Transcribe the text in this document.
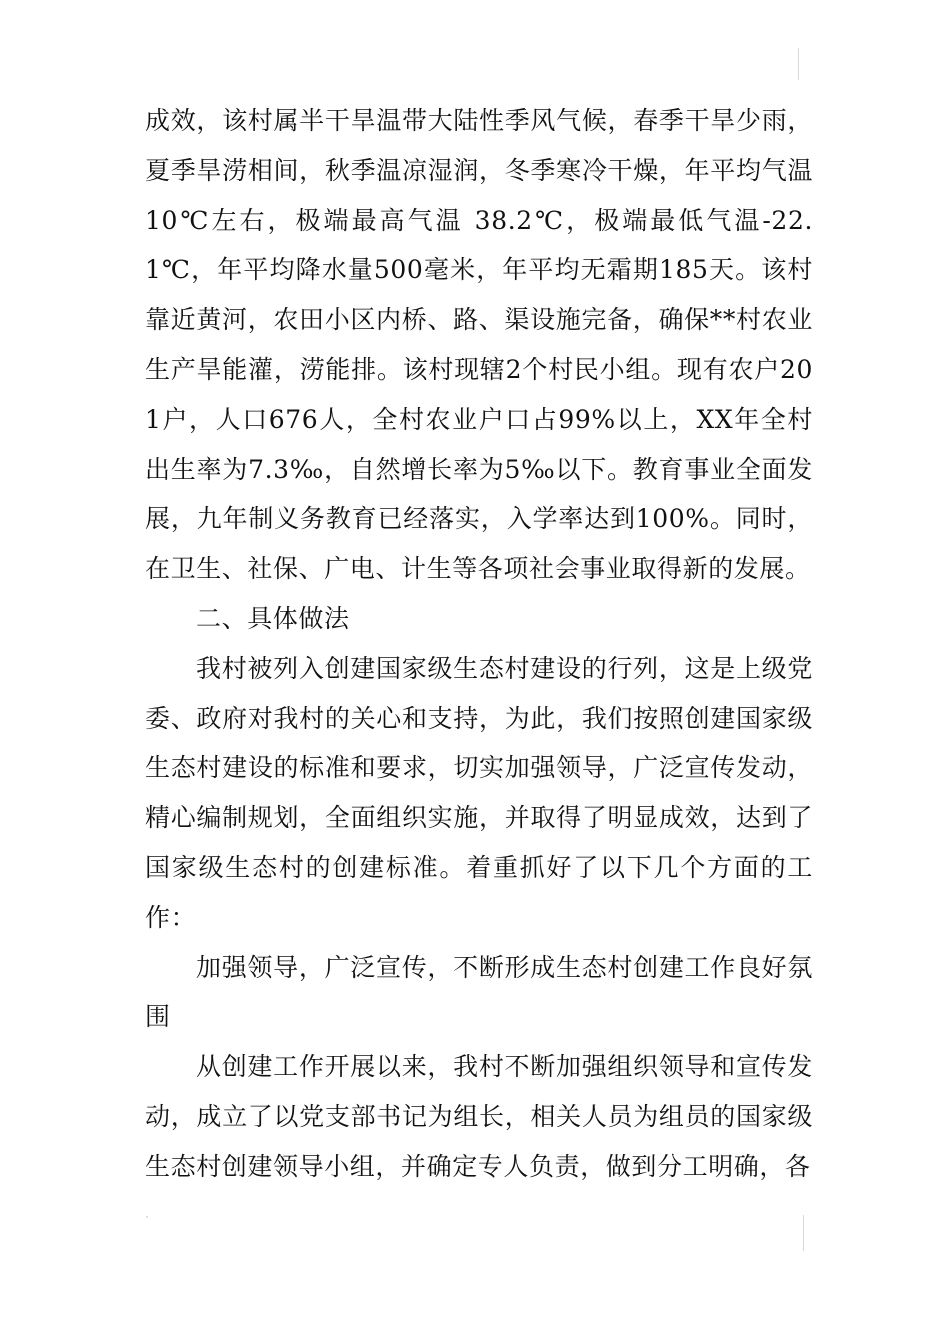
成效，该村属半干旱温带大陆性季风气候，春季干旱少雨，夏季旱涝相间，秋季温凉湿润，冬季寒冷干燥，年平均气温10℃左右，极端最高气温 38.2℃，极端最低气温-22.1℃，年平均降水量500毫米，年平均无霜期185天。该村靠近黄河，农田小区内桥、路、渠设施完备，确保**村农业生产旱能灌，涝能排。该村现辖2个村民小组。现有农户201户，人口676人，全村农业户口占99%以上，XX年全村出生率为7.3‰，自然增长率为5‰以下。教育事业全面发展，九年制义务教育已经落实，入学率达到100%。同时，在卫生、社保、广电、计生等各项社会事业取得新的发展。

二、具体做法

我村被列入创建国家级生态村建设的行列，这是上级党委、政府对我村的关心和支持，为此，我们按照创建国家级生态村建设的标准和要求，切实加强领导，广泛宣传发动，精心编制规划，全面组织实施，并取得了明显成效，达到了国家级生态村的创建标准。着重抓好了以下几个方面的工作：

加强领导，广泛宣传，不断形成生态村创建工作良好氛围

从创建工作开展以来，我村不断加强组织领导和宣传发动，成立了以党支部书记为组长，相关人员为组员的国家级生态村创建领导小组，并确定专人负责，做到分工明确，各
